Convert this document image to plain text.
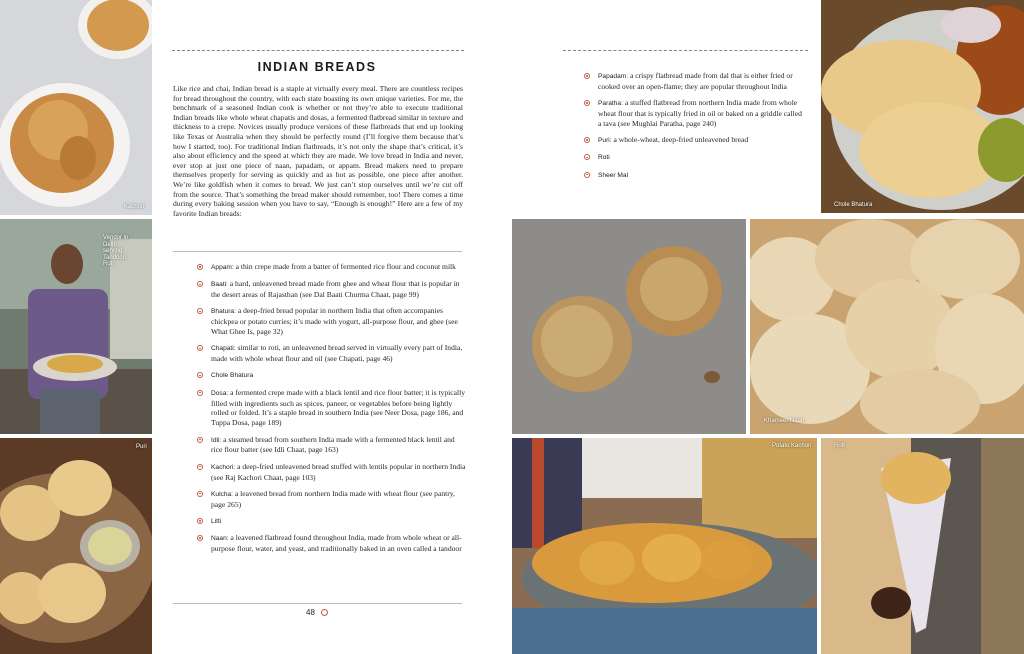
Kachori
Vendor in Delhi serving Tandoori Roti
Puri
INDIAN BREADS

Like rice and chai, Indian bread is a staple at virtually every meal. There are countless recipes for bread throughout the country, with each state boasting its own unique varieties. For me, the benchmark of a seasoned Indian cook is whether or not they’re able to execute traditional Indian breads like whole wheat chapatis and dosas, a fermented flatbread similar in texture and thickness to a crepe. Novices usually produce versions of these flatbreads that end up looking like Texas or Australia when they should be perfectly round (I’ll forgive them because that’s how I started, too). For traditional Indian flatbreads, it’s not only the shape that’s critical, it’s also about efficiency and the speed at which they are made. We love bread in India and never, ever stop at just one piece of naan, papadam, or appam. Bread makers need to prepare themselves properly for serving as quickly and as hot as possible, one piece after another. We’re like goldfish when it comes to bread. We just can’t stop ourselves until we’re cut off from the source. That’s something the bread maker should remember, too! There comes a time during every baking session when you have to say, “Enough is enough!” Here are a few of my favorite Indian breads:

Appam: a thin crepe made from a batter of fermented rice flour and coconut milk
Baati: a hard, unleavened bread made from ghee and wheat flour that is popular in the desert areas of Rajasthan (see Dal Baati Churma Chaat, page 99)
Bhatura: a deep-fried bread popular in northern India that often accompanies chickpea or potato curries; it’s made with yogurt, all-purpose flour, and ghee (see What Ghee Is, page 32)
Chapati: similar to roti, an unleavened bread served in virtually every part of India, made with whole wheat flour and oil (see Chapati, page 46)
Chole Bhatura
Dosa: a fermented crepe made with a black lentil and rice flour batter; it is typically filled with ingredients such as spices, paneer, or vegetables before being lightly rolled or folded. It’s a staple bread in southern India (see Neer Dosa, page 186, and Tuppa Dosa, page 189)
Idli: a steamed bread from southern India made with a fermented black lentil and rice flour batter (see Idli Chaat, page 163)
Kachori: a deep-fried unleavened bread stuffed with lentils popular in northern India (see Raj Kachori Chaat, page 103)
Kulcha: a leavened bread from northern India made with wheat flour (see pantry, page 265)
Litti
Naan: a leavened flatbread found throughout India, made from whole wheat or all-purpose flour, water, and yeast, and traditionally baked in an oven called a tandoor
48
Papadam: a crispy flatbread made from dal that is either fried or cooked over an open-flame; they are popular throughout India
Paratha: a stuffed flatbread from northern India made from whole wheat flour that is typically fried in oil or baked on a griddle called a tava (see Mughlai Paratha, page 240)
Puri: a whole-wheat, deep-fried unleavened bread
Roti
Sheer Mal
Chole Bhatura
Khameer Naan
Potato Kachori	Roti
